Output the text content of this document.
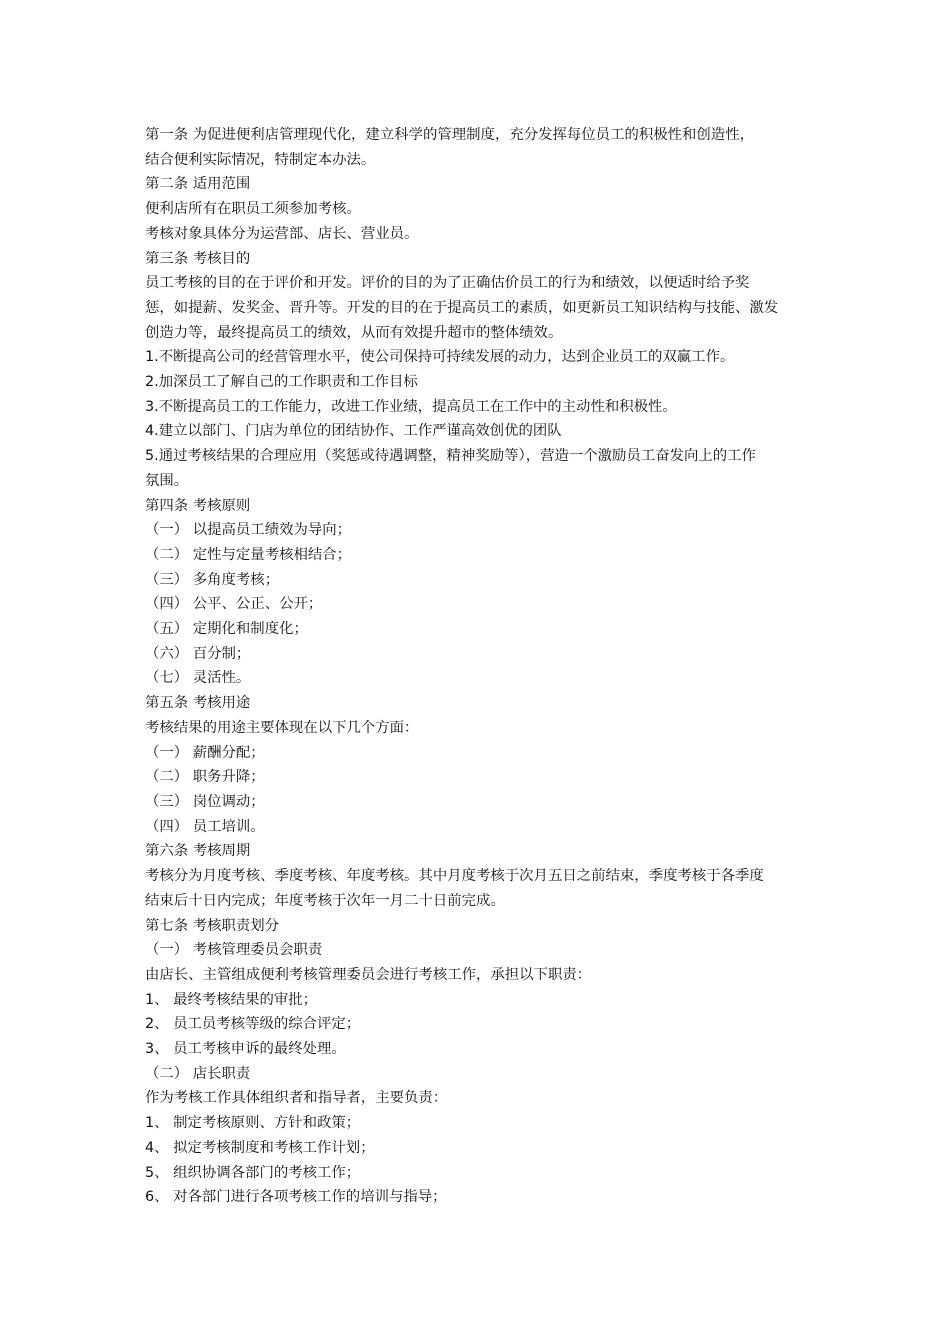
第一条 为促进便利店管理现代化，建立科学的管理制度，充分发挥每位员工的积极性和创造性，
结合便利实际情况，特制定本办法。
第二条 适用范围
便利店所有在职员工须参加考核。
考核对象具体分为运营部、店长、营业员。
第三条 考核目的
员工考核的目的在于评价和开发。评价的目的为了正确估价员工的行为和绩效，以便适时给予奖
惩，如提薪、发奖金、晋升等。开发的目的在于提高员工的素质，如更新员工知识结构与技能、激发
创造力等，最终提高员工的绩效，从而有效提升超市的整体绩效。
1.不断提高公司的经营管理水平，使公司保持可持续发展的动力，达到企业员工的双赢工作。
2.加深员工了解自己的工作职责和工作目标
3.不断提高员工的工作能力，改进工作业绩，提高员工在工作中的主动性和积极性。
4.建立以部门、门店为单位的团结协作、工作严谨高效创优的团队
5.通过考核结果的合理应用（奖惩或待遇调整，精神奖励等），营造一个激励员工奋发向上的工作
氛围。
第四条 考核原则
（一） 以提高员工绩效为导向；
（二） 定性与定量考核相结合；
（三） 多角度考核；
（四） 公平、公正、公开；
（五） 定期化和制度化；
（六） 百分制；
（七） 灵活性。
第五条 考核用途
考核结果的用途主要体现在以下几个方面：
（一） 薪酬分配；
（二） 职务升降；
（三） 岗位调动；
（四） 员工培训。
第六条 考核周期
考核分为月度考核、季度考核、年度考核。其中月度考核于次月五日之前结束，季度考核于各季度
结束后十日内完成；年度考核于次年一月二十日前完成。
第七条 考核职责划分
（一） 考核管理委员会职责
由店长、主管组成便利考核管理委员会进行考核工作，承担以下职责：
1、 最终考核结果的审批；
2、 员工员考核等级的综合评定；
3、 员工考核申诉的最终处理。
（二） 店长职责
作为考核工作具体组织者和指导者，主要负责：
1、 制定考核原则、方针和政策；
4、 拟定考核制度和考核工作计划；
5、 组织协调各部门的考核工作；
6、 对各部门进行各项考核工作的培训与指导；
